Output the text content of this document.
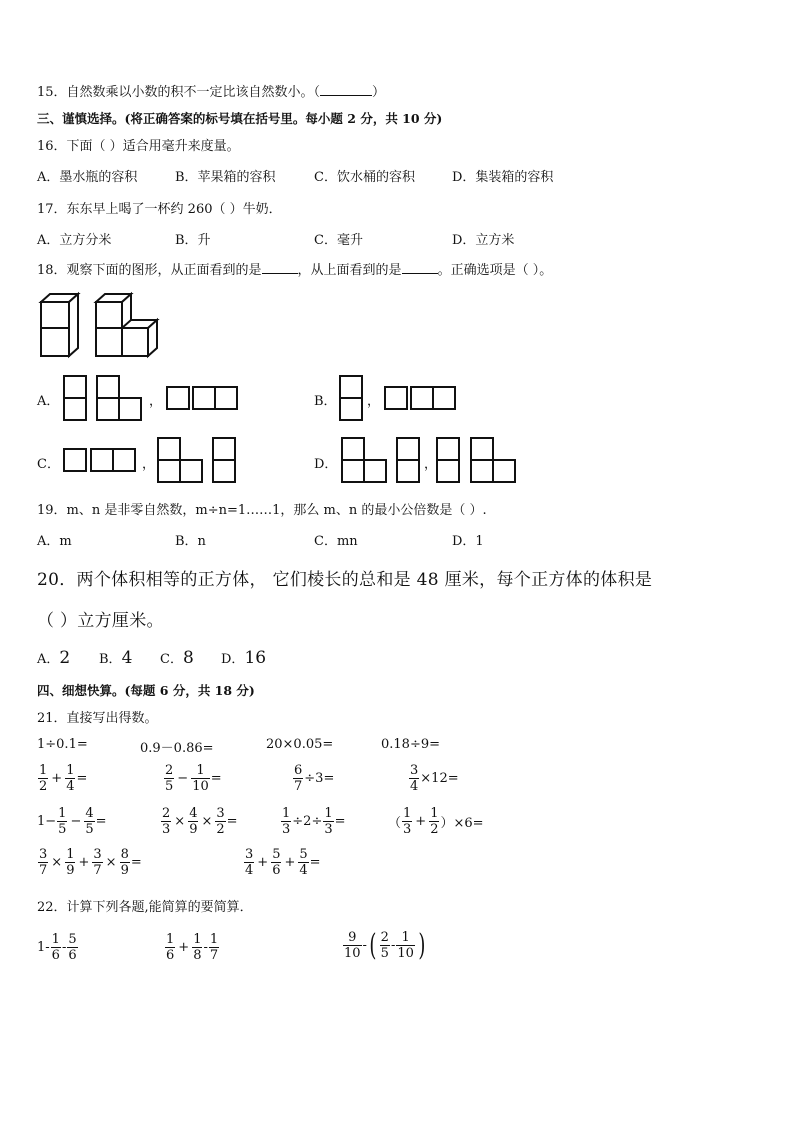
15．自然数乘以小数的积不一定比该自然数小。（	）
三、谨慎选择。(将正确答案的标号填在括号里。每小题 2 分，共 10 分)
16．下面（ ）适合用毫升来度量。
A．墨水瓶的容积	B．苹果箱的容积	C．饮水桶的容积	D．集装箱的容积
17．东东早上喝了一杯约 260（ ）牛奶．
A．立方分米	B．升	C．毫升	D．立方米
18．观察下面的图形，从正面看到的是	，从上面看到的是	。正确选项是（ ）。
A．	，	B． ，
C．	，	D．	，
19．m、n 是非零自然数，m÷n=1……1，那么 m、n 的最小公倍数是（ ）.
A．m	B．n	C．mn	D．1
20．两个体积相等的正方体， 它们棱长的总和是 48 厘米，每个正方体的体积是
（ ）立方厘米。
A．2 B．4 C．8 D．16
四、细想快算。(每题 6 分，共 18 分)
21．直接写出得数。
1÷0.1=	0.9－0.86=	20×0.05=	0.18÷9=
$\frac{1}{2} + \frac{1}{4}$ =	$\frac{2}{5} - \frac{1}{10}$ =	$\frac{6}{7} \div 3=$	$\frac{3}{4} \times 12=$
$1- \frac{1}{5} - \frac{4}{5}$ =	$\frac{2}{3} \times \frac{4}{9} \times \frac{3}{2}$ =	$\frac{1}{3} \div 2\div \frac{1}{3}$ =	（ $\frac{1}{3} + \frac{1}{2} )\times 6=$
$\frac{3}{7} \times \frac{1}{9} + \frac{3}{7} \times \frac{8}{9}$ =	$\frac{3}{4} + \frac{5}{6} + \frac{5}{4}$ =
22．计算下列各题,能简算的要简算．
$1- \frac{1}{6} - \frac{5}{6}$	$\frac{1}{6} + \frac{1}{8} - \frac{1}{7}$	$\frac{9}{10}$ - ( $\frac{2}{5} - \frac{1}{10}$ )
